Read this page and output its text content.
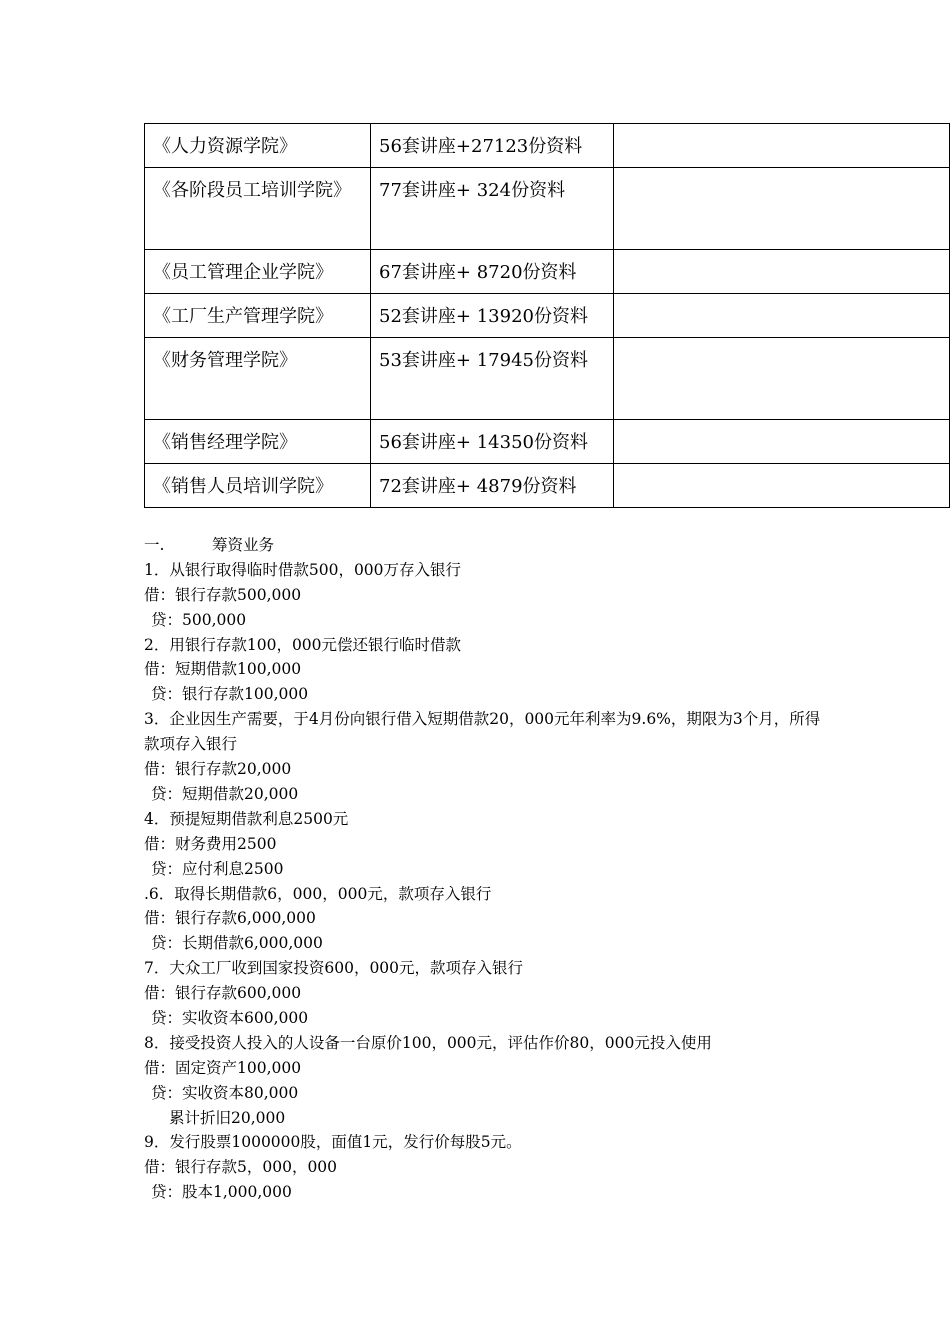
《人力资源学院》	56套讲座+27123份资料	
《各阶段员工培训学院》	77套讲座+ 324份资料	
《员工管理企业学院》	67套讲座+ 8720份资料	
《工厂生产管理学院》	52套讲座+ 13920份资料	
《财务管理学院》	53套讲座+ 17945份资料	
《销售经理学院》	56套讲座+ 14350份资料	
《销售人员培训学院》	72套讲座+ 4879份资料	
一.	筹资业务
1．从银行取得临时借款500，000万存入银行
借：银行存款500,000
贷：500,000
2．用银行存款100，000元偿还银行临时借款
借：短期借款100,000
贷：银行存款100,000
3．企业因生产需要，于4月份向银行借入短期借款20，000元年利率为9.6%，期限为3个月，所得款项存入银行
借：银行存款20,000
贷：短期借款20,000
4．预提短期借款利息2500元
借：财务费用2500
贷：应付利息2500
.6．取得长期借款6，000，000元，款项存入银行
借：银行存款6,000,000
贷：长期借款6,000,000
7．大众工厂收到国家投资600，000元，款项存入银行
借：银行存款600,000
贷：实收资本600,000
8．接受投资人投入的人设备一台原价100，000元，评估作价80，000元投入使用
借：固定资产100,000
贷：实收资本80,000
累计折旧20,000
9．发行股票1000000股，面值1元，发行价每股5元。
借：银行存款5，000，000
贷：股本1,000,000
